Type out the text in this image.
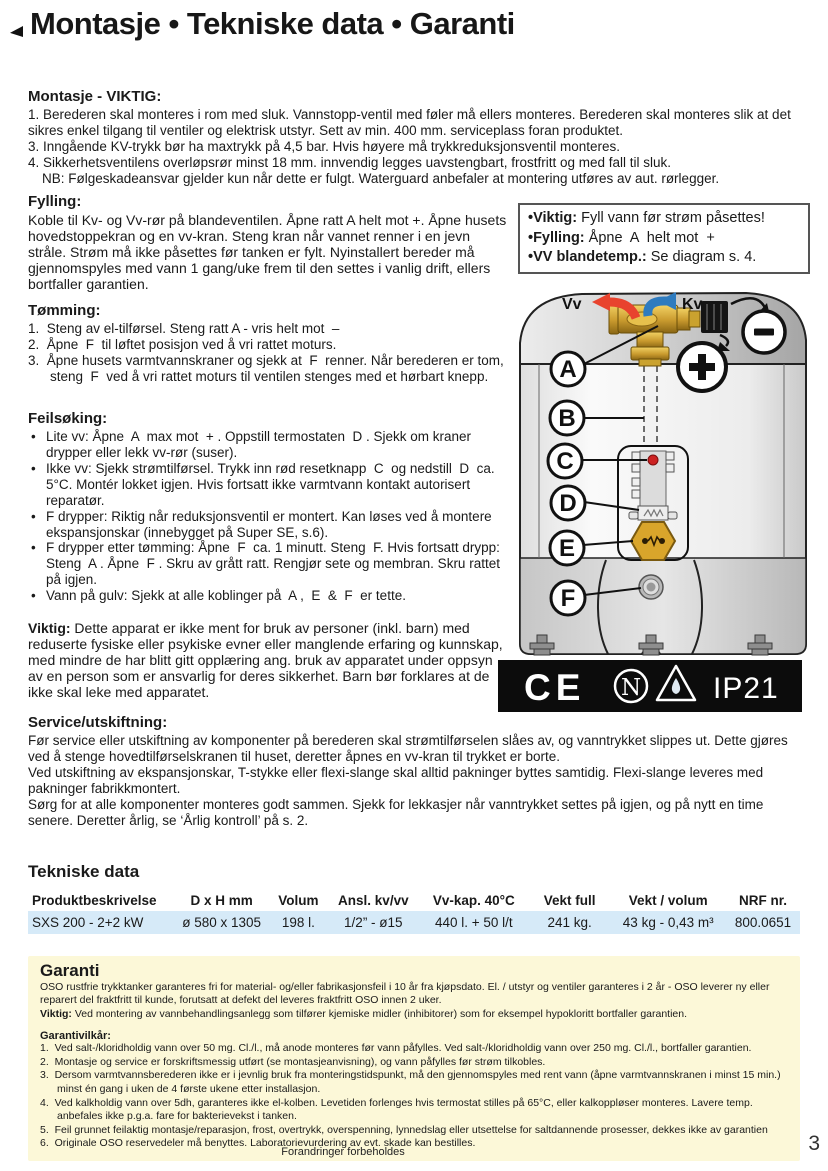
Montasje • Tekniske data • Garanti
Montasje - VIKTIG:
1. Berederen skal monteres i rom med sluk. Vannstopp-ventil med føler må ellers monteres. Berederen skal monteres slik at det sikres enkel tilgang til ventiler og elektrisk utstyr. Sett av min. 400 mm. serviceplass foran produktet.
3. Inngående KV-trykk bør ha maxtrykk på 4,5 bar. Hvis høyere må trykkreduksjonsventil monteres.
4. Sikkerhetsventilens overløpsrør minst 18 mm. innvendig legges uavstengbart, frostfritt og med fall til sluk.
NB: Følgeskadeansvar gjelder kun når dette er fulgt. Waterguard anbefaler at montering utføres av aut. rørlegger.
Fylling:
Koble til Kv- og Vv-rør på blandeventilen. Åpne ratt A helt mot +. Åpne husets hovedstoppekran og en vv-kran. Steng kran når vannet renner i en jevn stråle. Strøm må ikke påsettes før tanken er fylt. Nyinstallert bereder må gjennomspyles med vann 1 gang/uke frem til den settes i vanlig drift, ellers bortfaller garantien.
•Viktig: Fyll vann før strøm påsettes!
•Fylling: Åpne  A  helt mot  +
•VV blandetemp.: Se diagram s. 4.
Tømming:
1.  Steng av el-tilførsel. Steng ratt A - vris helt mot  –
2.  Åpne  F  til løftet posisjon ved å vri rattet moturs.
3.  Åpne husets varmtvannskraner og sjekk at  F  renner. Når berederen er tom, steng  F  ved å vri rattet moturs til ventilen stenges med et hørbart knepp.
Feilsøking:
• Lite vv: Åpne  A  max mot  + . Oppstill termostaten  D . Sjekk om kraner drypper eller lekk vv-rør (suser).
• Ikke vv: Sjekk strømtilførsel. Trykk inn rød resetknapp  C  og nedstill  D  ca. 5°C. Montér lokket igjen. Hvis fortsatt ikke varmtvann kontakt autorisert reparatør.
• F drypper: Riktig når reduksjonsventil er montert. Kan løses ved å montere ekspansjonskar (innebygget på Super SE, s.6).
• F drypper etter tømming: Åpne  F  ca. 1 minutt. Steng  F. Hvis fortsatt drypp: Steng  A . Åpne  F . Skru av grått ratt. Rengjør sete og membran. Skru rattet på igjen.
• Vann på gulv: Sjekk at alle koblinger på  A ,  E  &  F  er tette.
Viktig: Dette apparat er ikke ment for bruk av personer (inkl. barn) med reduserte fysiske eller psykiske evner eller manglende erfaring og kunnskap, med mindre de har blitt gitt opplæring ang. bruk av apparatet under oppsyn av en person som er ansvarlig for deres sikkerhet. Barn bør forklares at de ikke skal leke med apparatet.
Vv	Kv
A
B
C
D
E
F
CE N IP21
Service/utskiftning:
Før service eller utskiftning av komponenter på berederen skal strømtilførselen slåes av, og vanntrykket slippes ut. Dette gjøres ved å stenge hovedtilførselskranen til huset, deretter åpnes en vv-kran til trykket er borte.
Ved utskiftning av ekspansjonskar, T-stykke eller flexi-slange skal alltid pakninger byttes samtidig. Flexi-slange leveres med pakninger fabrikkmontert.
Sørg for at alle komponenter monteres godt sammen. Sjekk for lekkasjer når vanntrykket settes på igjen, og på nytt en time senere. Deretter årlig, se ‘Årlig kontroll’ på s. 2.
Tekniske data
Produktbeskrivelse	D x H mm	Volum	Ansl. kv/vv	Vv-kap. 40°C	Vekt full	Vekt / volum	NRF nr.
SXS 200 - 2+2 kW	ø 580 x 1305	198 l.	1/2” - ø15	440 l. + 50 l/t	241 kg.	43 kg - 0,43 m³	800.0651
Garanti
OSO rustfrie trykktanker garanteres fri for material- og/eller fabrikasjonsfeil i 10 år fra kjøpsdato. El. / utstyr og ventiler garanteres i 2 år - OSO leverer ny eller reparert del fraktfritt til kunde, forutsatt at defekt del leveres fraktfritt OSO innen 2 uker.
Viktig: Ved montering av vannbehandlingsanlegg som tilfører kjemiske midler (inhibitorer) som for eksempel hypokloritt bortfaller garantien.
Garantivilkår:
1.  Ved salt-/kloridholdig vann over 50 mg. Cl./l., må anode monteres før vann påfylles. Ved salt-/kloridholdig vann over 250 mg. Cl./l., bortfaller garantien.
2.  Montasje og service er forskriftsmessig utført (se montasjeanvisning), og vann påfylles før strøm tilkobles.
3.  Dersom varmtvannsberederen ikke er i jevnlig bruk fra monteringstidspunkt, må den gjennomspyles med rent vann (åpne varmtvannskranen i minst 15 min.) minst én gang i uken de 4 første ukene etter installasjon.
4.  Ved kalkholdig vann over 5dh, garanteres ikke el-kolben. Levetiden forlenges hvis termostat stilles på 65°C, eller kalkoppløser monteres. Lavere temp. anbefales ikke p.g.a. fare for bakterievekst i tanken.
5.  Feil grunnet feilaktig montasje/reparasjon, frost, overtrykk, overspenning, lynnedslag eller utsettelse for saltdannende prosesser, dekkes ikke av garantien
6.  Originale OSO reservedeler må benyttes. Laboratorievurdering av evt. skade kan bestilles.
Forandringer forbeholdes	3
